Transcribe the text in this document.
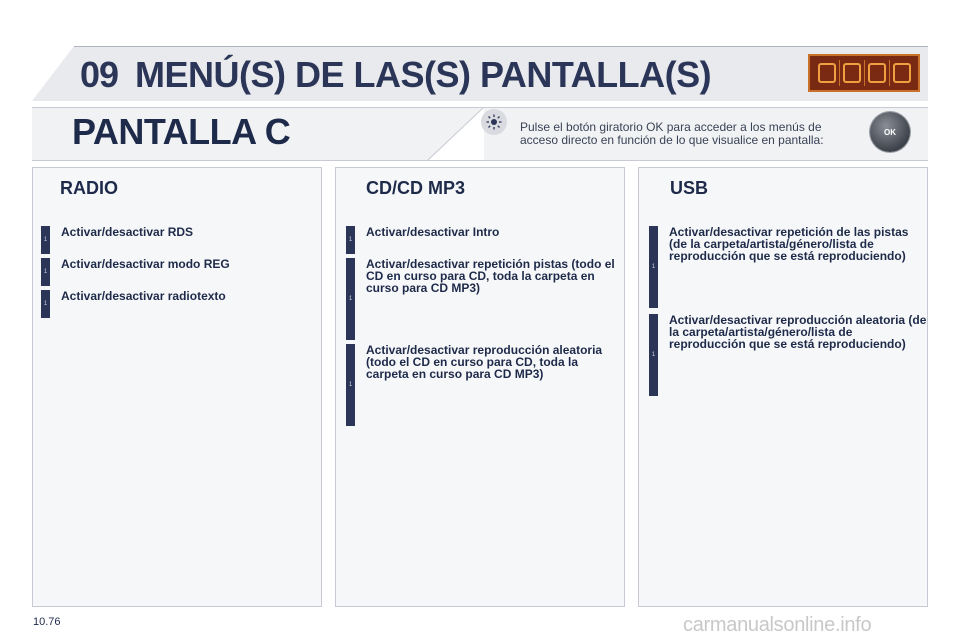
09 MENÚ(S) DE LAS(S) PANTALLA(S)
PANTALLA C	Pulse el botón giratorio OK para acceder a los menús de acceso directo en función de lo que visualice en pantalla:
OK
RADIO	CD/CD MP3	USB
1
Activar/desactivar RDS
1
Activar/desactivar modo REG
1
Activar/desactivar radiotexto
1
Activar/desactivar Intro
1
Activar/desactivar repetición pistas (todo el CD en curso para CD, toda la carpeta en curso para CD MP3)
1
Activar/desactivar reproducción aleatoria (todo el CD en curso para CD, toda la carpeta en curso para CD MP3)
1
Activar/desactivar repetición de las pistas (de la carpeta/artista/género/lista de reproducción que se está reproduciendo)
1
Activar/desactivar reproducción aleatoria (de la carpeta/artista/género/lista de reproducción que se está reproduciendo)
10.76	carmanualsonline.info
